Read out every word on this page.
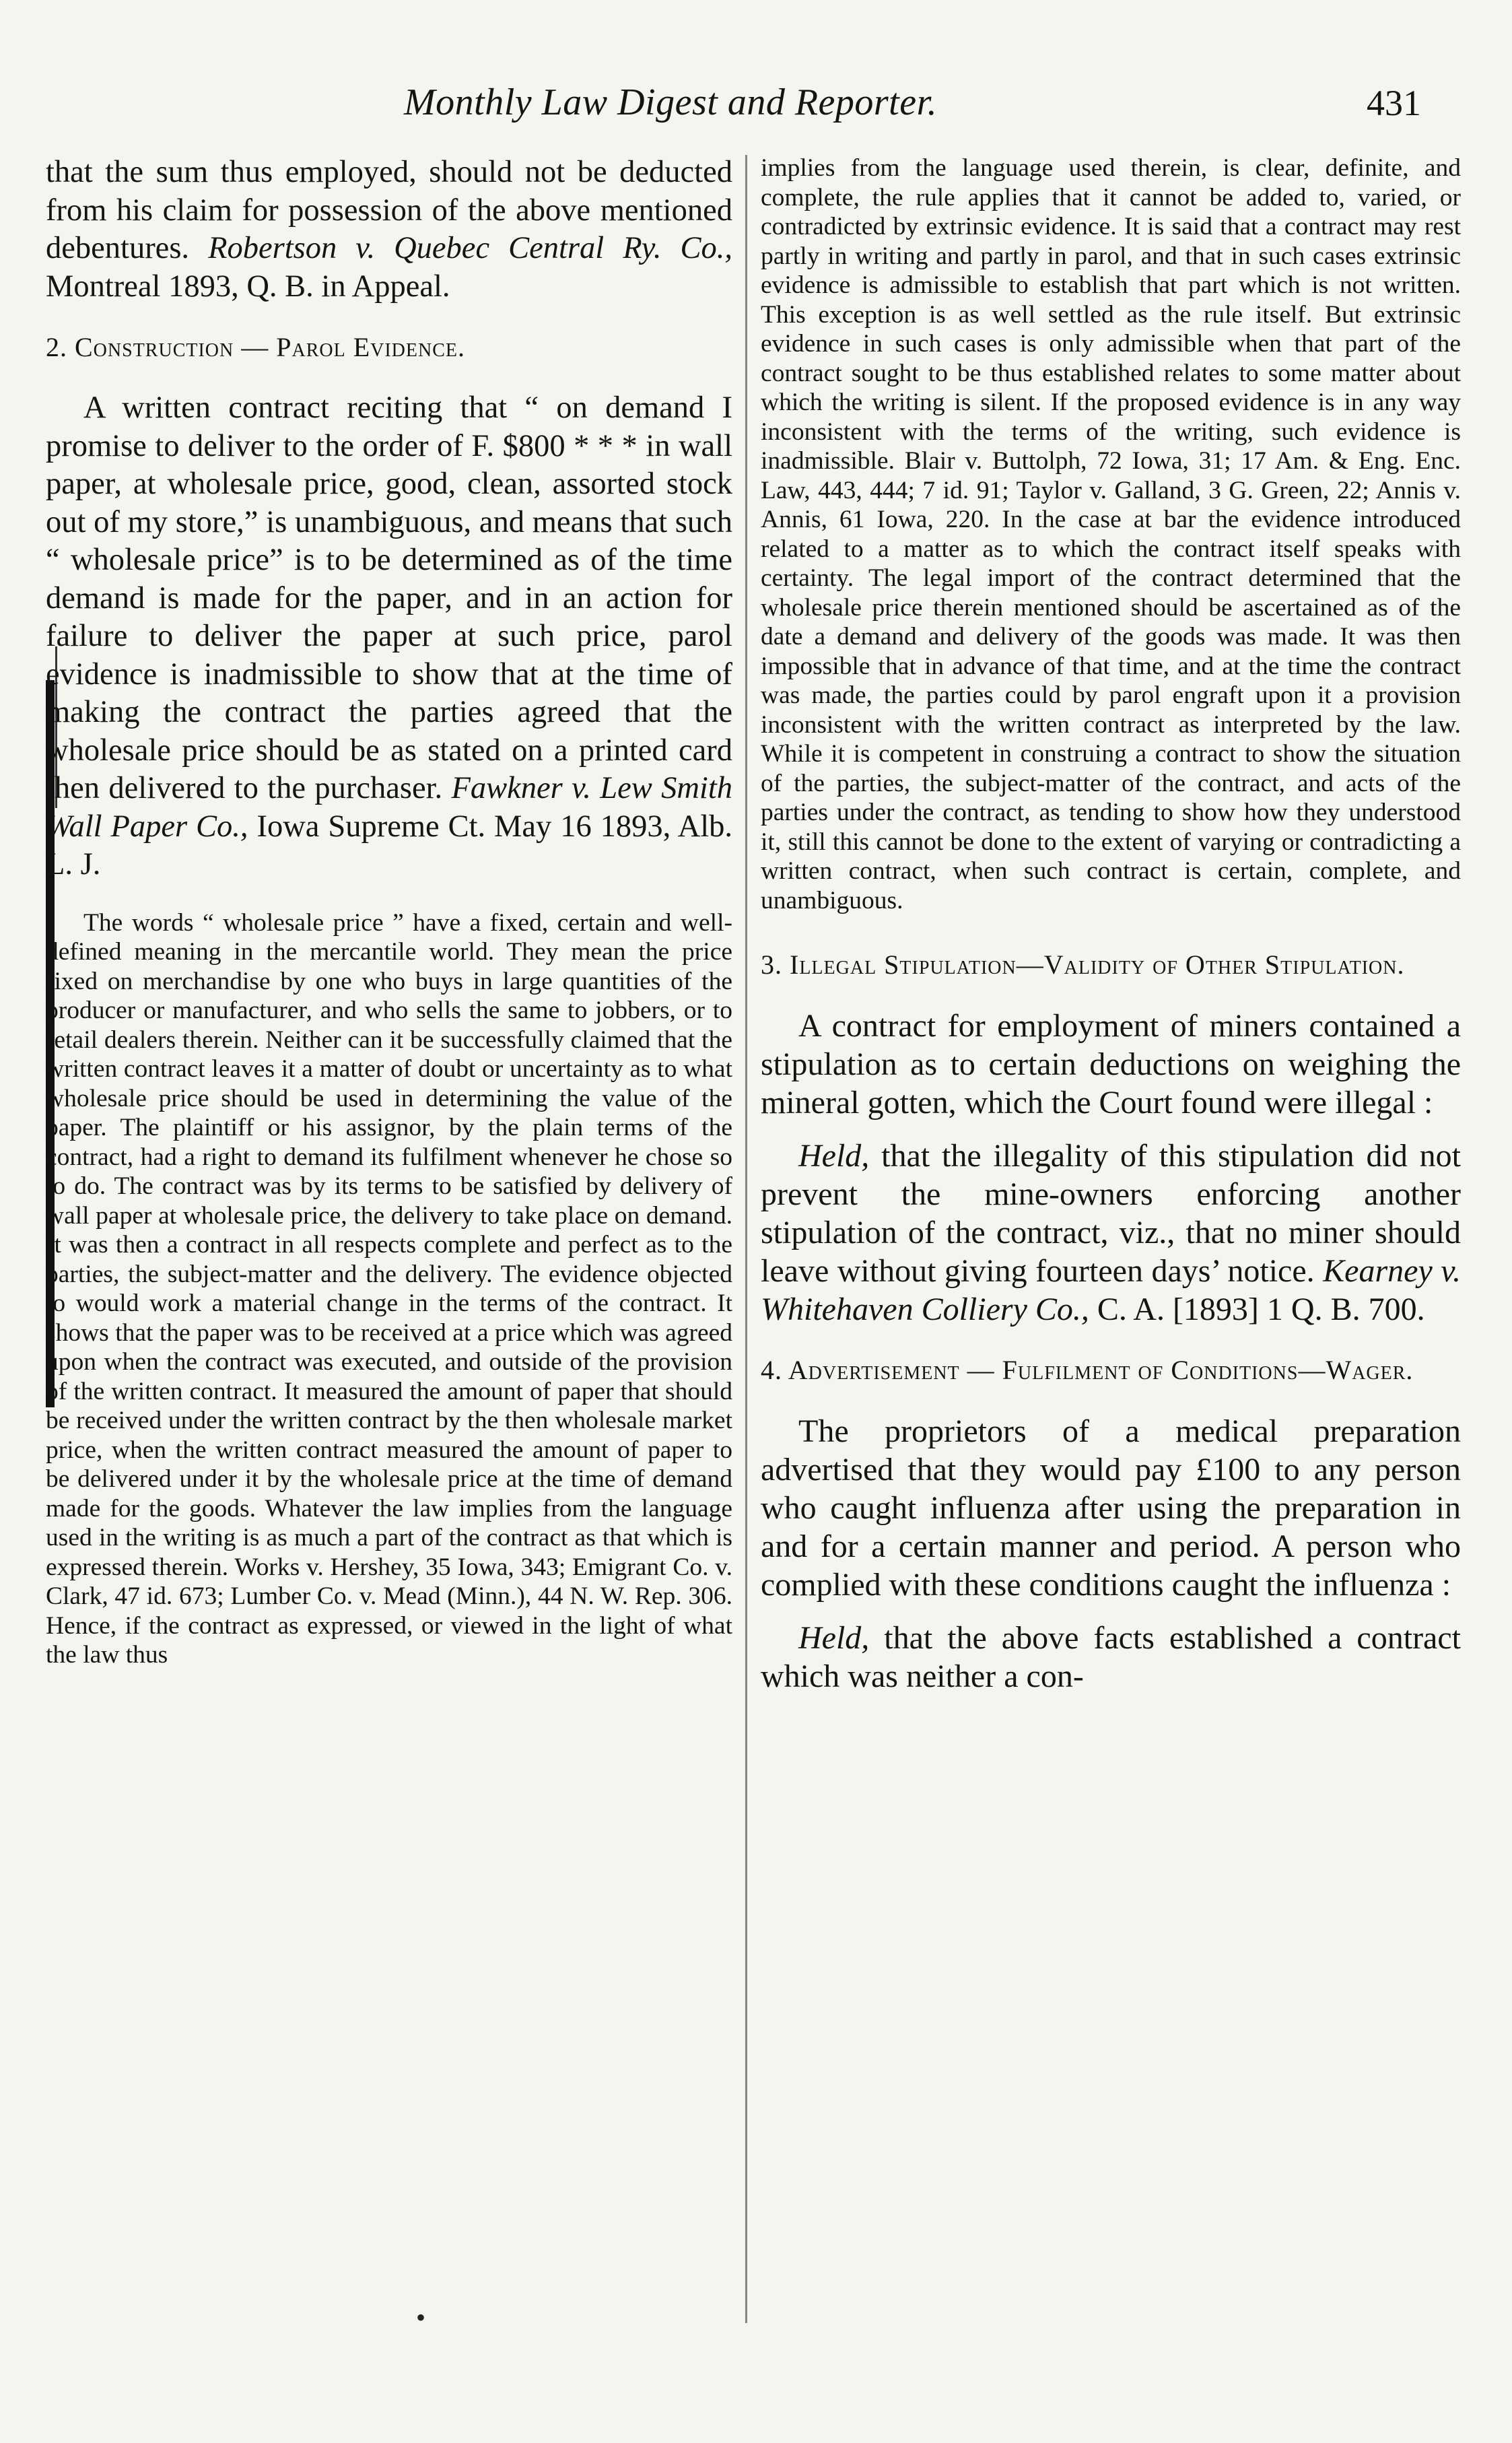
Monthly Law Digest and Reporter.	431

that the sum thus employed, should not be deducted from his claim for possession of the above mentioned debentures. Robertson v. Quebec Central Ry. Co., Montreal 1893, Q. B. in Appeal.

2. Construction — Parol Evidence.

A written contract reciting that “ on demand I promise to deliver to the order of F. $800 * * * in wall paper, at wholesale price, good, clean, assorted stock out of my store,” is unambiguous, and means that such “ wholesale price” is to be determined as of the time demand is made for the paper, and in an action for failure to deliver the paper at such price, parol evidence is inadmissible to show that at the time of making the contract the parties agreed that the wholesale price should be as stated on a printed card then delivered to the purchaser. Fawkner v. Lew Smith Wall Paper Co., Iowa Supreme Ct. May 16 1893, Alb. L. J.

The words “ wholesale price ” have a fixed, certain and well-defined meaning in the mercantile world. They mean the price fixed on merchandise by one who buys in large quantities of the producer or manufacturer, and who sells the same to jobbers, or to retail dealers therein. Neither can it be successfully claimed that the written contract leaves it a matter of doubt or uncertainty as to what wholesale price should be used in determining the value of the paper. The plaintiff or his assignor, by the plain terms of the contract, had a right to demand its fulfilment whenever he chose so to do. The contract was by its terms to be satisfied by delivery of wall paper at wholesale price, the delivery to take place on demand. It was then a contract in all respects complete and perfect as to the parties, the subject-matter and the delivery. The evidence objected to would work a material change in the terms of the contract. It shows that the paper was to be received at a price which was agreed upon when the contract was executed, and outside of the provision of the written contract. It measured the amount of paper that should be received under the written contract by the then wholesale market price, when the written contract measured the amount of paper to be delivered under it by the wholesale price at the time of demand made for the goods. Whatever the law implies from the language used in the writing is as much a part of the contract as that which is expressed therein. Works v. Hershey, 35 Iowa, 343; Emigrant Co. v. Clark, 47 id. 673; Lumber Co. v. Mead (Minn.), 44 N. W. Rep. 306. Hence, if the contract as expressed, or viewed in the light of what the law thus

implies from the language used therein, is clear, definite, and complete, the rule applies that it cannot be added to, varied, or contradicted by extrinsic evidence. It is said that a contract may rest partly in writing and partly in parol, and that in such cases extrinsic evidence is admissible to establish that part which is not written. This exception is as well settled as the rule itself. But extrinsic evidence in such cases is only admissible when that part of the contract sought to be thus established relates to some matter about which the writing is silent. If the proposed evidence is in any way inconsistent with the terms of the writing, such evidence is inadmissible. Blair v. Buttolph, 72 Iowa, 31; 17 Am. & Eng. Enc. Law, 443, 444; 7 id. 91; Taylor v. Galland, 3 G. Green, 22; Annis v. Annis, 61 Iowa, 220. In the case at bar the evidence introduced related to a matter as to which the contract itself speaks with certainty. The legal import of the contract determined that the wholesale price therein mentioned should be ascertained as of the date a demand and delivery of the goods was made. It was then impossible that in advance of that time, and at the time the contract was made, the parties could by parol engraft upon it a provision inconsistent with the written contract as interpreted by the law. While it is competent in construing a contract to show the situation of the parties, the subject-matter of the contract, and acts of the parties under the contract, as tending to show how they understood it, still this cannot be done to the extent of varying or contradicting a written contract, when such contract is certain, complete, and unambiguous.

3. Illegal Stipulation—Validity of Other Stipulation.

A contract for employment of miners contained a stipulation as to certain deductions on weighing the mineral gotten, which the Court found were illegal :

Held, that the illegality of this stipulation did not prevent the mine-owners enforcing another stipulation of the contract, viz., that no miner should leave without giving fourteen days’ notice. Kearney v. Whitehaven Colliery Co., C. A. [1893] 1 Q. B. 700.

4. Advertisement — Fulfilment of Conditions—Wager.

The proprietors of a medical preparation advertised that they would pay £100 to any person who caught influenza after using the preparation in and for a certain manner and period. A person who complied with these conditions caught the influenza :

Held, that the above facts established a contract which was neither a con-

•
